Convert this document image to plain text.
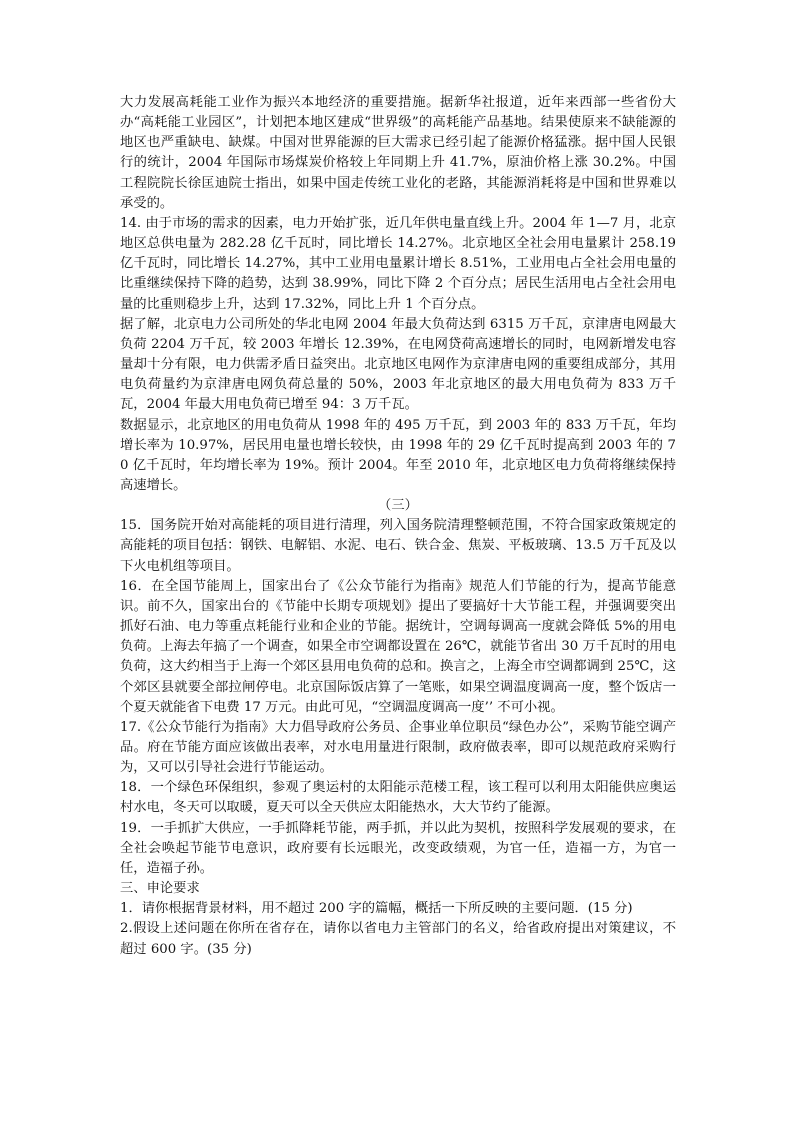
大力发展高耗能工业作为振兴本地经济的重要措施。据新华社报道，近年来西部一些省份大办“高耗能工业园区”，计划把本地区建成“世界级”的高耗能产品基地。结果使原来不缺能源的地区也严重缺电、缺煤。中国对世界能源的巨大需求已经引起了能源价格猛涨。据中国人民银行的统计，2004 年国际市场煤炭价格较上年同期上升 41.7%，原油价格上涨 30.2%。中国工程院院长徐匡迪院士指出，如果中国走传统工业化的老路，其能源消耗将是中国和世界难以承受的。

14. 由于市场的需求的因素，电力开始扩张，近几年供电量直线上升。2004 年 1—7 月，北京地区总供电量为 282.28 亿千瓦时，同比增长 14.27%。北京地区全社会用电量累计 258.19 亿千瓦时，同比增长 14.27%，其中工业用电量累计增长 8.51%，工业用电占全社会用电量的比重继续保持下降的趋势，达到 38.99%，同比下降 2 个百分点；居民生活用电占全社会用电量的比重则稳步上升，达到 17.32%，同比上升 1 个百分点。

据了解，北京电力公司所处的华北电网 2004 年最大负荷达到 6315 万千瓦，京津唐电网最大负荷 2204 万千瓦，较 2003 年增长 12.39%，在电网贷荷高速增长的同时，电网新增发电容量却十分有限，电力供需矛盾日益突出。北京地区电网作为京津唐电网的重要组成部分，其用电负荷量约为京津唐电网负荷总量的 50%，2003 年北京地区的最大用电负荷为 833 万千瓦，2004 年最大用电负荷已增至 94：3 万千瓦。

数据显示，北京地区的用电负荷从 1998 年的 495 万千瓦，到 2003 年的 833 万千瓦，年均增长率为 10.97%，居民用电量也增长较快，由 1998 年的 29 亿千瓦时提高到 2003 年的 70 亿千瓦时，年均增长率为 19%。预计 2004。年至 2010 年，北京地区电力负荷将继续保持高速增长。

（三）

15．国务院开始对高能耗的项目进行清理，列入国务院清理整顿范围，不符合国家政策规定的高能耗的项目包括：钢铁、电解铝、水泥、电石、铁合金、焦炭、平板玻璃、13.5 万千瓦及以下火电机组等项目。

16．在全国节能周上，国家出台了《公众节能行为指南》规范人们节能的行为，提高节能意识。前不久，国家出台的《节能中长期专项规划》提出了要搞好十大节能工程，并强调要突出抓好石油、电力等重点耗能行业和企业的节能。据统计，空调每调高一度就会降低 5%的用电负荷。上海去年搞了一个调查，如果全市空调都设置在 26℃，就能节省出 30 万千瓦时的用电负荷，这大约相当于上海一个郊区县用电负荷的总和。换言之，上海全市空调都调到 25℃，这个郊区县就要全部拉闸停电。北京国际饭店算了一笔账，如果空调温度调高一度，整个饭店一个夏天就能省下电费 17 万元。由此可见，“空调温度调高一度’’ 不可小视。

17.《公众节能行为指南》大力倡导政府公务员、企事业单位职员“绿色办公”，采购节能空调产品。府在节能方面应该做出表率，对水电用量进行限制，政府做表率，即可以规范政府采购行为，又可以引导社会进行节能运动。

18．一个绿色环保组织，参观了奥运村的太阳能示范楼工程，该工程可以利用太阳能供应奥运村水电，冬天可以取暖，夏天可以全天供应太阳能热水，大大节约了能源。

19．一手抓扩大供应，一手抓降耗节能，两手抓，并以此为契机，按照科学发展观的要求，在全社会唤起节能节电意识，政府要有长远眼光，改变政绩观，为官一任，造福一方，为官一任，造福子孙。

三、申论要求

1．请你根据背景材料，用不超过 200 字的篇幅，概括一下所反映的主要问题．(15 分)

2.假设上述问题在你所在省存在，请你以省电力主管部门的名义，给省政府提出对策建议，不超过 600 字。(35 分)
